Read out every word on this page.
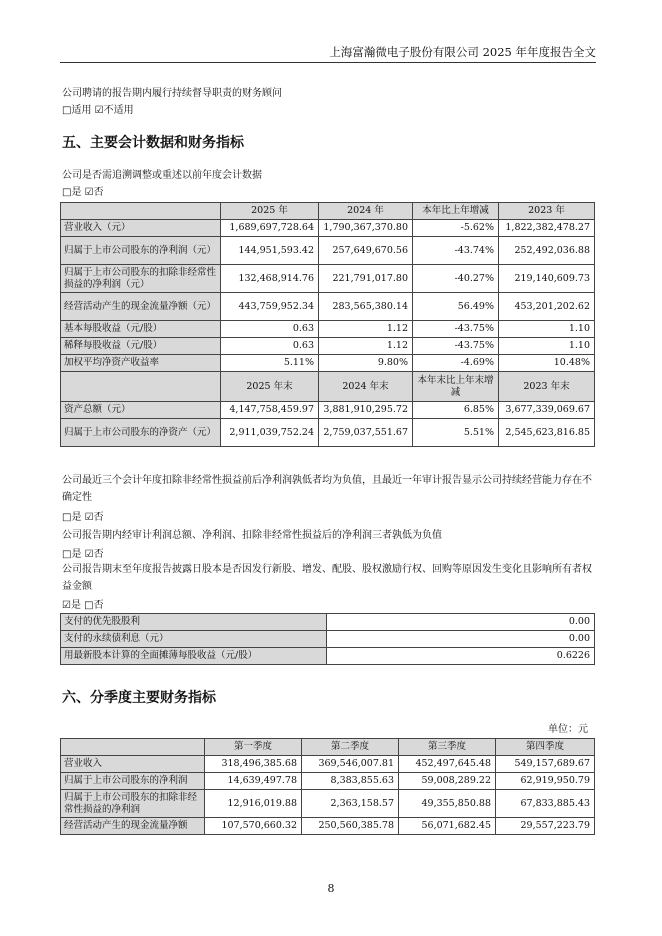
上海富瀚微电子股份有限公司 2025 年年度报告全文
公司聘请的报告期内履行持续督导职责的财务顾问
□适用 ☑不适用
五、主要会计数据和财务指标
公司是否需追溯调整或重述以前年度会计数据
□是 ☑否
	2025 年	2024 年	本年比上年增减	2023 年
营业收入（元）	1,689,697,728.64	1,790,367,370.80	-5.62%	1,822,382,478.27
归属于上市公司股东的净利润（元）	144,951,593.42	257,649,670.56	-43.74%	252,492,036.88
归属于上市公司股东的扣除非经常性损益的净利润（元）	132,468,914.76	221,791,017.80	-40.27%	219,140,609.73
经营活动产生的现金流量净额（元）	443,759,952.34	283,565,380.14	56.49%	453,201,202.62
基本每股收益（元/股）	0.63	1.12	-43.75%	1.10
稀释每股收益（元/股）	0.63	1.12	-43.75%	1.10
加权平均净资产收益率	5.11%	9.80%	-4.69%	10.48%
	2025 年末	2024 年末	本年末比上年末增减	2023 年末
资产总额（元）	4,147,758,459.97	3,881,910,295.72	6.85%	3,677,339,069.67
归属于上市公司股东的净资产（元）	2,911,039,752.24	2,759,037,551.67	5.51%	2,545,623,816.85
公司最近三个会计年度扣除非经常性损益前后净利润孰低者均为负值，且最近一年审计报告显示公司持续经营能力存在不确定性
□是 ☑否
公司报告期内经审计利润总额、净利润、扣除非经常性损益后的净利润三者孰低为负值
□是 ☑否
公司报告期末至年度报告披露日股本是否因发行新股、增发、配股、股权激励行权、回购等原因发生变化且影响所有者权益金额
☑是 □否
支付的优先股股利	0.00
支付的永续债利息（元）	0.00
用最新股本计算的全面摊薄每股收益（元/股）	0.6226
六、分季度主要财务指标
单位：元
	第一季度	第二季度	第三季度	第四季度
营业收入	318,496,385.68	369,546,007.81	452,497,645.48	549,157,689.67
归属于上市公司股东的净利润	14,639,497.78	8,383,855.63	59,008,289.22	62,919,950.79
归属于上市公司股东的扣除非经常性损益的净利润	12,916,019.88	2,363,158.57	49,355,850.88	67,833,885.43
经营活动产生的现金流量净额	107,570,660.32	250,560,385.78	56,071,682.45	29,557,223.79
8
